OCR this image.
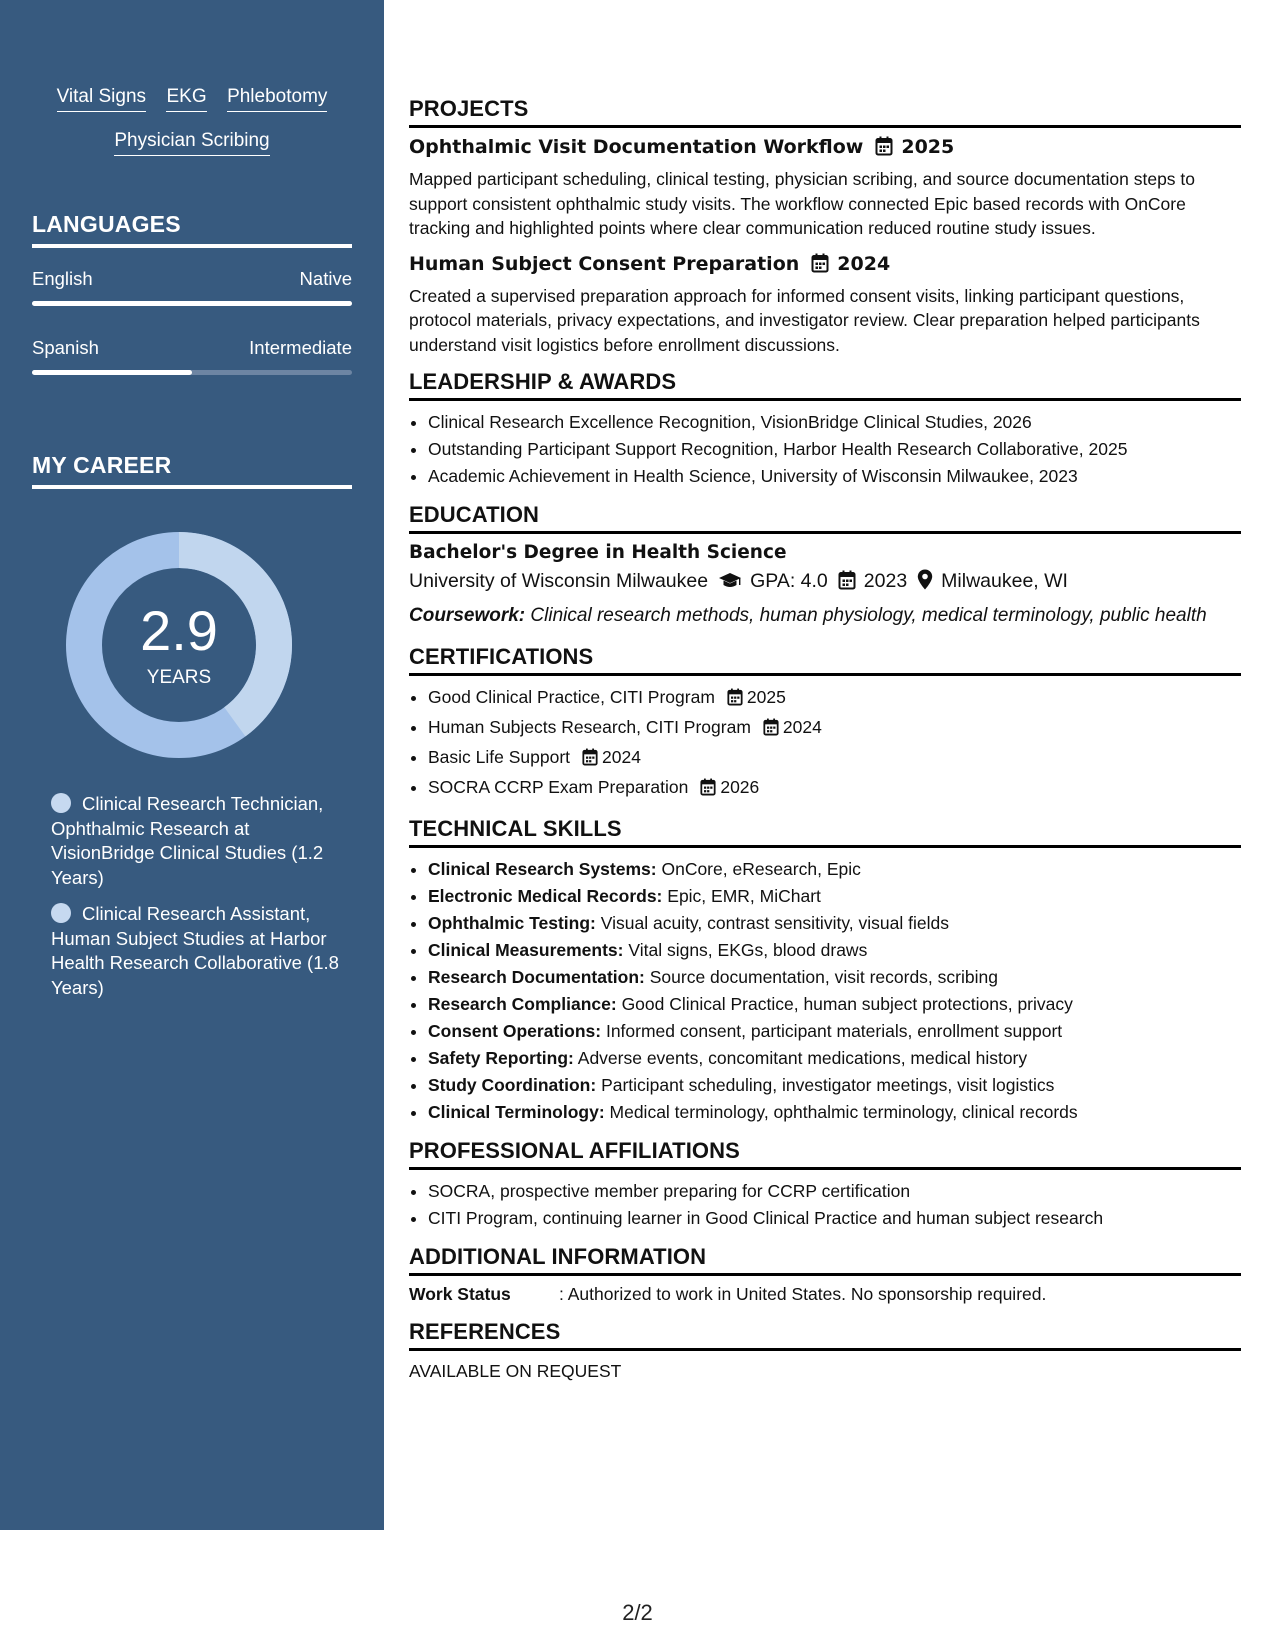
Vital Signs EKG Phlebotomy Physician Scribing
LANGUAGES
English	Native
Spanish	Intermediate
MY CAREER
2.9
YEARS
Clinical Research Technician, Ophthalmic Research at VisionBridge Clinical Studies (1.2 Years)
Clinical Research Assistant, Human Subject Studies at Harbor Health Research Collaborative (1.8 Years)
PROJECTS
Ophthalmic Visit Documentation Workflow 2025
Mapped participant scheduling, clinical testing, physician scribing, and source documentation steps to support consistent ophthalmic study visits. The workflow connected Epic based records with OnCore tracking and highlighted points where clear communication reduced routine study issues.
Human Subject Consent Preparation 2024
Created a supervised preparation approach for informed consent visits, linking participant questions, protocol materials, privacy expectations, and investigator review. Clear preparation helped participants understand visit logistics before enrollment discussions.
LEADERSHIP & AWARDS
• Clinical Research Excellence Recognition, VisionBridge Clinical Studies, 2026
• Outstanding Participant Support Recognition, Harbor Health Research Collaborative, 2025
• Academic Achievement in Health Science, University of Wisconsin Milwaukee, 2023
EDUCATION
Bachelor's Degree in Health Science
University of Wisconsin Milwaukee GPA: 4.0 2023 Milwaukee, WI
Coursework: Clinical research methods, human physiology, medical terminology, public health
CERTIFICATIONS
• Good Clinical Practice, CITI Program 2025
• Human Subjects Research, CITI Program 2024
• Basic Life Support 2024
• SOCRA CCRP Exam Preparation 2026
TECHNICAL SKILLS
• Clinical Research Systems: OnCore, eResearch, Epic
• Electronic Medical Records: Epic, EMR, MiChart
• Ophthalmic Testing: Visual acuity, contrast sensitivity, visual fields
• Clinical Measurements: Vital signs, EKGs, blood draws
• Research Documentation: Source documentation, visit records, scribing
• Research Compliance: Good Clinical Practice, human subject protections, privacy
• Consent Operations: Informed consent, participant materials, enrollment support
• Safety Reporting: Adverse events, concomitant medications, medical history
• Study Coordination: Participant scheduling, investigator meetings, visit logistics
• Clinical Terminology: Medical terminology, ophthalmic terminology, clinical records
PROFESSIONAL AFFILIATIONS
• SOCRA, prospective member preparing for CCRP certification
• CITI Program, continuing learner in Good Clinical Practice and human subject research
ADDITIONAL INFORMATION
Work Status	: Authorized to work in United States. No sponsorship required.
REFERENCES
AVAILABLE ON REQUEST
2/2
